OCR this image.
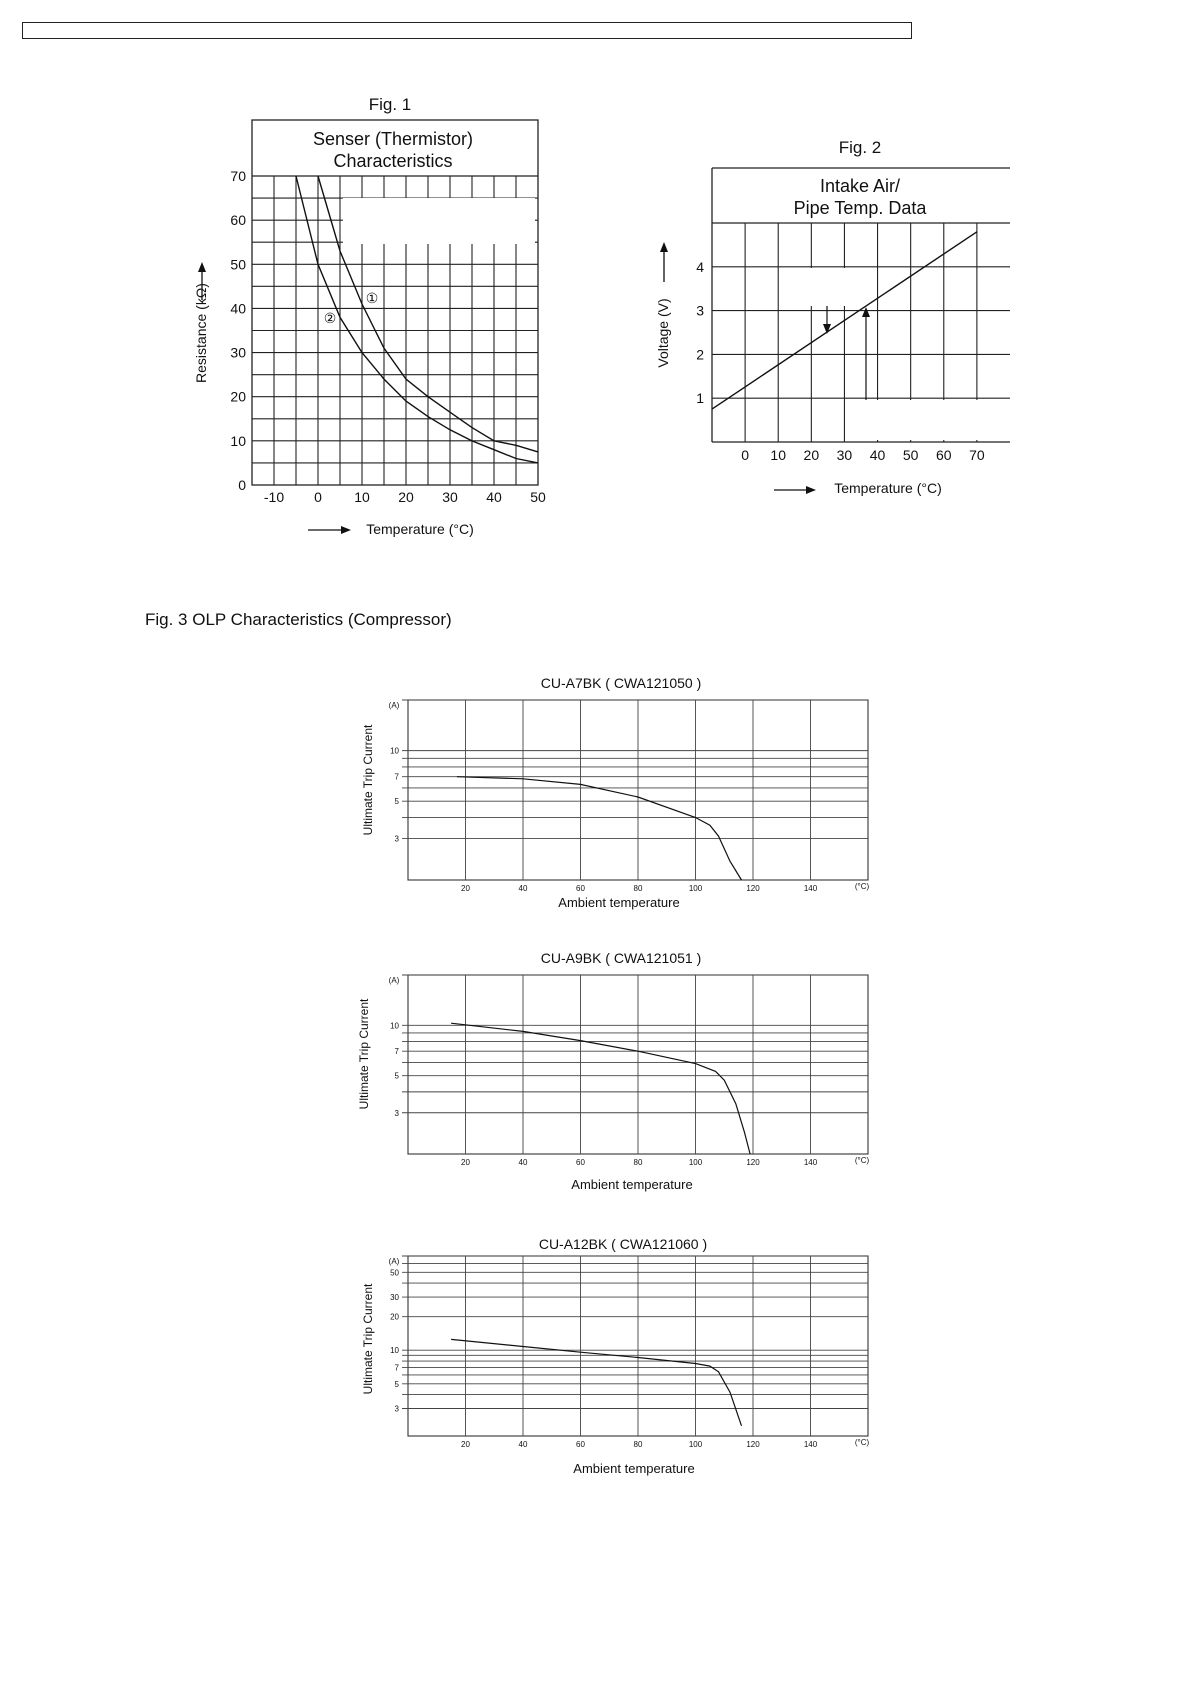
Fig. 1
Senser (Thermistor)
Characteristics
①
②
Resistance (kΩ)
Temperature (°C)
Fig. 2
Intake Air/
Pipe Temp. Data
Voltage (V)
Temperature (°C)
Fig. 3 OLP Characteristics (Compressor)
CU-A7BK ( CWA121050 )
Ultimate Trip Current
Ambient temperature
(A)
(°C)
CU-A9BK ( CWA121051 )
Ultimate Trip Current
Ambient temperature
(A)
(°C)
CU-A12BK ( CWA121060 )
Ultimate Trip Current
Ambient temperature
(A)
(°C)
-10 0 10 20 30 40 50
0
10
20
30
40
50
60
70
0 10 20 30 40 50 60 70
1
2
3
4
20	40	60	80	100	120	140
3
5
7
10
20	40	60	80	100	120	140
3
5
7
10
20	40	60	80	100	120	140
3
5
7
10
20
30
50
